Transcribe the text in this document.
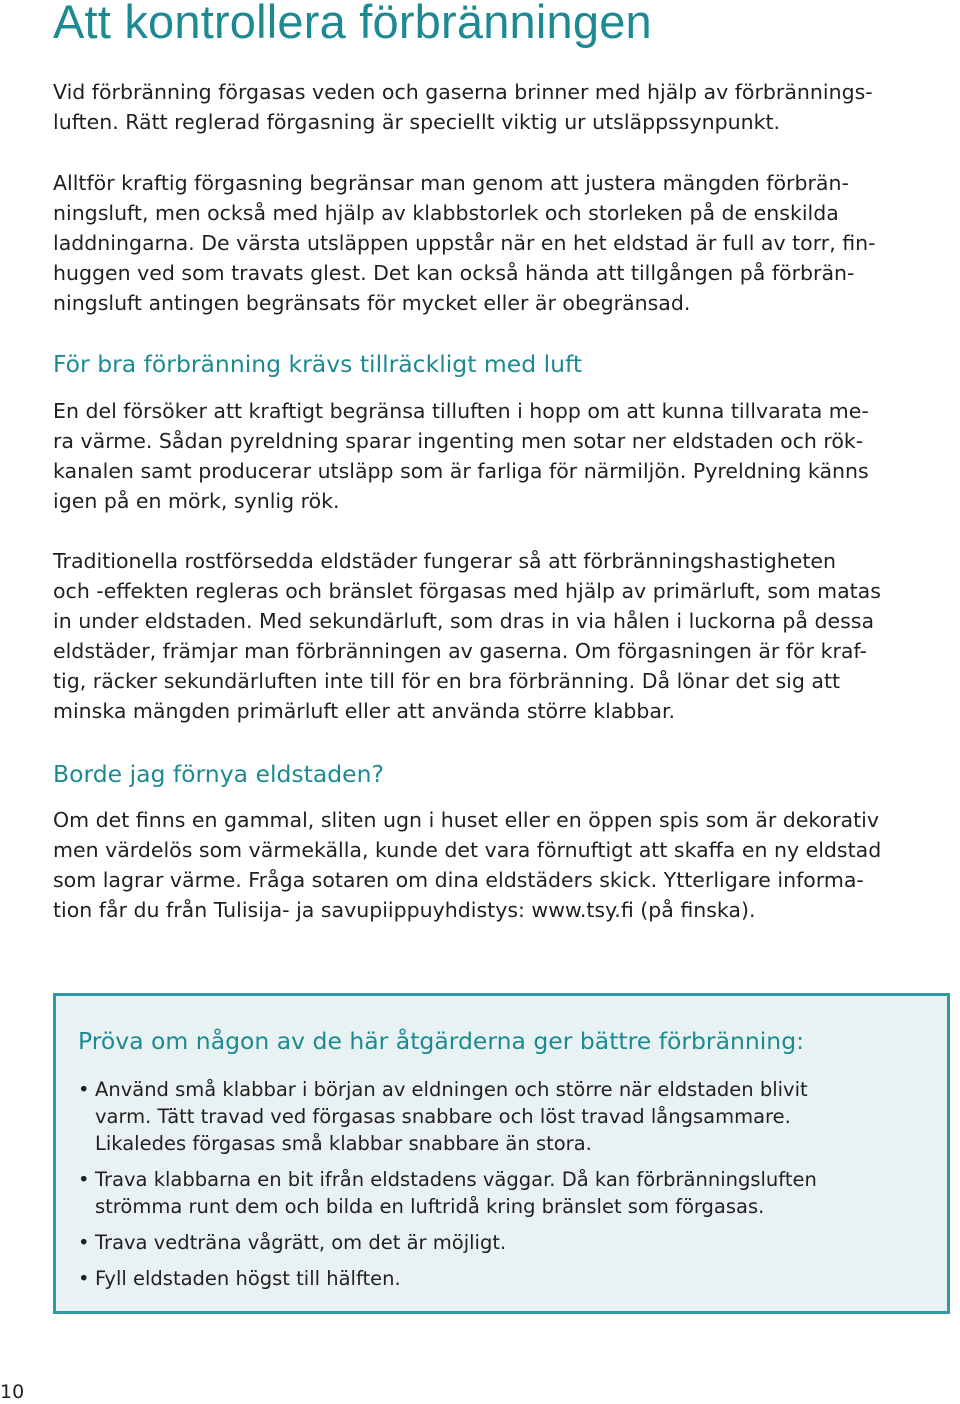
Att kontrollera förbränningen

Vid förbränning förgasas veden och gaserna brinner med hjälp av förbrännings-
luften. Rätt reglerad förgasning är speciellt viktig ur utsläppssynpunkt.

Alltför kraftig förgasning begränsar man genom att justera mängden förbrän-
ningsluft, men också med hjälp av klabbstorlek och storleken på de enskilda
laddningarna. De värsta utsläppen uppstår när en het eldstad är full av torr, fin-
huggen ved som travats glest. Det kan också hända att tillgången på förbrän-
ningsluft antingen begränsats för mycket eller är obegränsad.

För bra förbränning krävs tillräckligt med luft

En del försöker att kraftigt begränsa tilluften i hopp om att kunna tillvarata me-
ra värme. Sådan pyreldning sparar ingenting men sotar ner eldstaden och rök-
kanalen samt producerar utsläpp som är farliga för närmiljön. Pyreldning känns
igen på en mörk, synlig rök.

Traditionella rostförsedda eldstäder fungerar så att förbränningshastigheten
och -effekten regleras och bränslet förgasas med hjälp av primärluft, som matas
in under eldstaden. Med sekundärluft, som dras in via hålen i luckorna på dessa
eldstäder, främjar man förbränningen av gaserna. Om förgasningen är för kraf-
tig, räcker sekundärluften inte till för en bra förbränning. Då lönar det sig att
minska mängden primärluft eller att använda större klabbar.

Borde jag förnya eldstaden?

Om det finns en gammal, sliten ugn i huset eller en öppen spis som är dekorativ
men värdelös som värmekälla, kunde det vara förnuftigt att skaffa en ny eldstad
som lagrar värme. Fråga sotaren om dina eldstäders skick. Ytterligare informa-
tion får du från Tulisija- ja savupiippuyhdistys: www.tsy.fi (på finska).

Pröva om någon av de här åtgärderna ger bättre förbränning:
• Använd små klabbar i början av eldningen och större när eldstaden blivit
varm. Tätt travad ved förgasas snabbare och löst travad långsammare.
Likaledes förgasas små klabbar snabbare än stora.
• Trava klabbarna en bit ifrån eldstadens väggar. Då kan förbränningsluften
strömma runt dem och bilda en luftridå kring bränslet som förgasas.
• Trava vedträna vågrätt, om det är möjligt.
• Fyll eldstaden högst till hälften.
10
